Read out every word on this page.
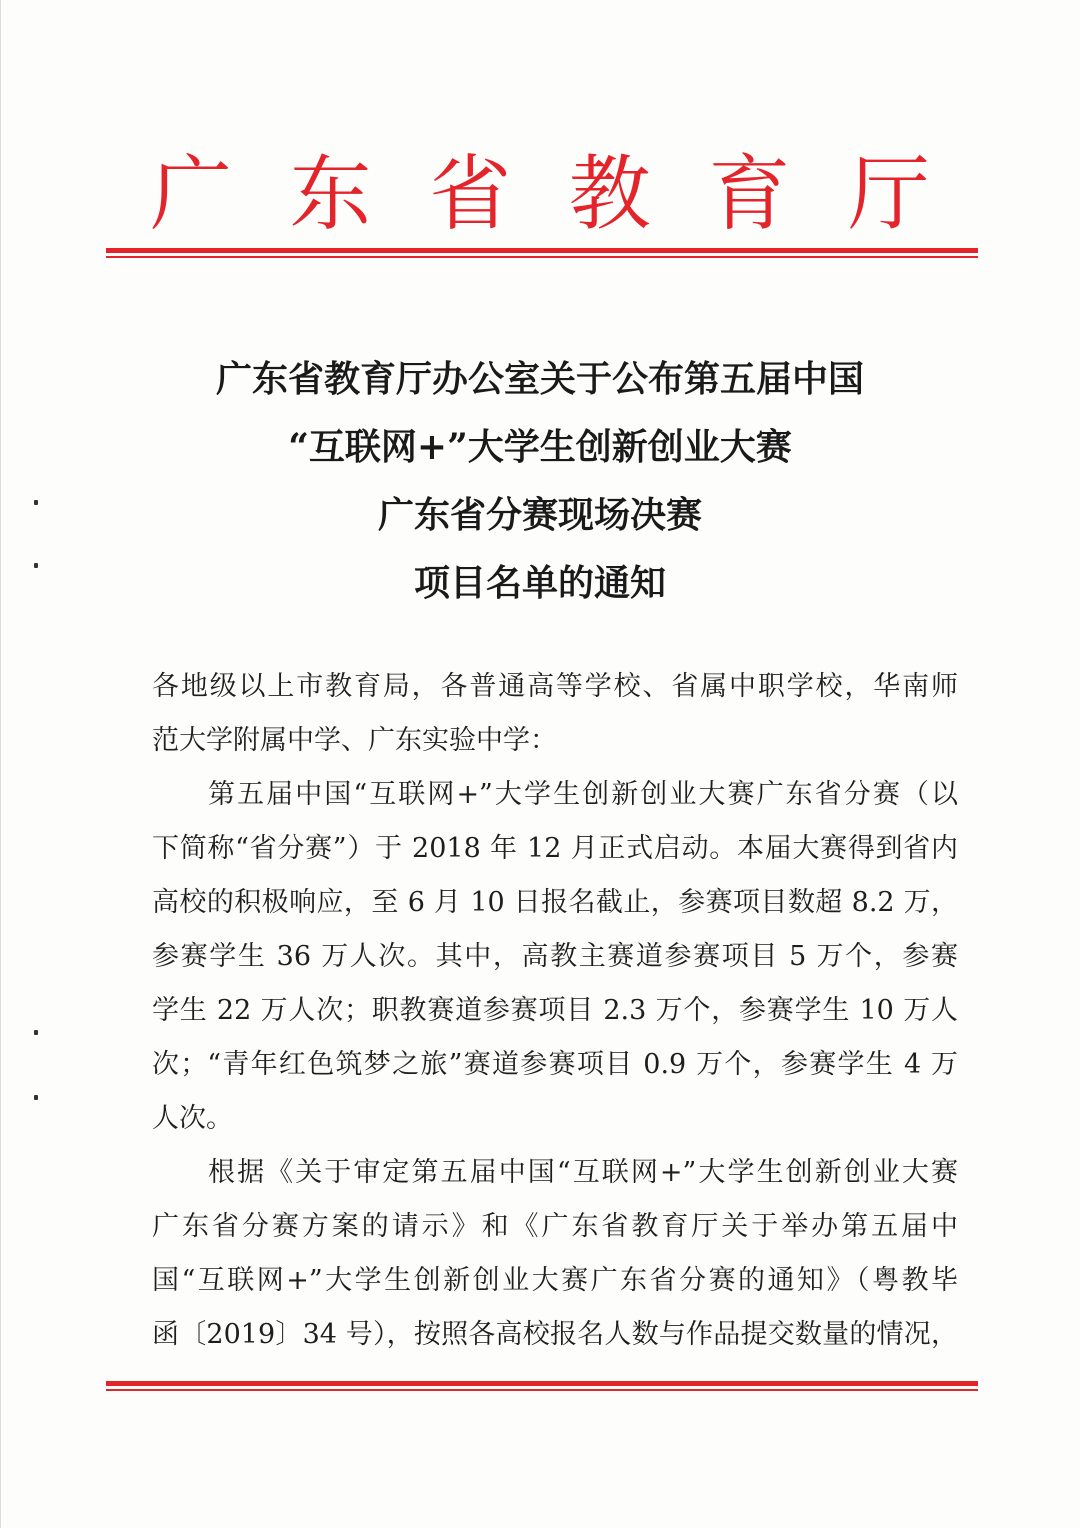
广 东 省 教 育 厅
广东省教育厅办公室关于公布第五届中国
“互联网+”大学生创新创业大赛
广东省分赛现场决赛
项目名单的通知
各地级以上市教育局，各普通高等学校、省属中职学校，华南师
范大学附属中学、广东实验中学：
第五届中国“互联网+”大学生创新创业大赛广东省分赛（以
下简称“省分赛”）于 2018 年 12 月正式启动。本届大赛得到省内
高校的积极响应，至 6 月 10 日报名截止，参赛项目数超 8.2 万，
参赛学生 36 万人次。其中，高教主赛道参赛项目 5 万个，参赛
学生 22 万人次；职教赛道参赛项目 2.3 万个，参赛学生 10 万人
次；“青年红色筑梦之旅”赛道参赛项目 0.9 万个，参赛学生 4 万
人次。
根据《关于审定第五届中国“互联网+”大学生创新创业大赛
广东省分赛方案的请示》和《广东省教育厅关于举办第五届中
国“互联网+”大学生创新创业大赛广东省分赛的通知》（粤教毕
函〔2019〕34 号），按照各高校报名人数与作品提交数量的情况，
